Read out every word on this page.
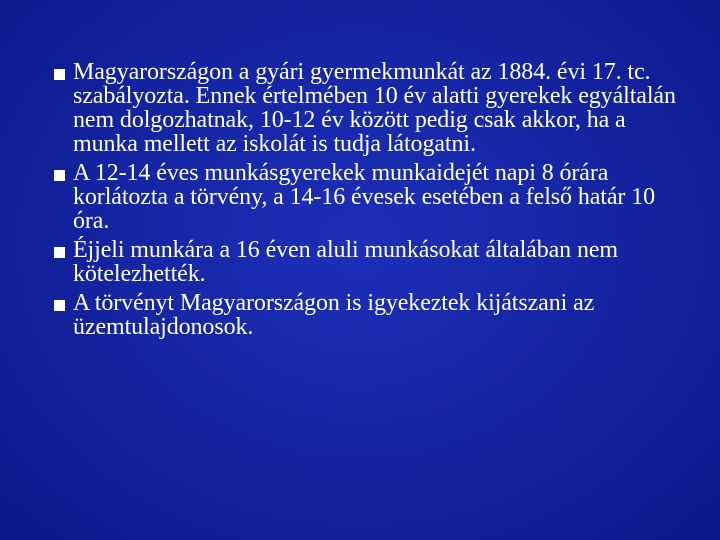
Magyarországon a gyári gyermekmunkát az 1884. évi 17. tc. szabályozta. Ennek értelmében 10 év alatti gyerekek egyáltalán nem dolgozhatnak, 10-12 év között pedig csak akkor, ha a munka mellett az iskolát is tudja látogatni.
A 12-14 éves munkásgyerekek munkaidejét napi 8 órára korlátozta a törvény, a 14-16 évesek esetében a felső határ 10 óra.
Éjjeli munkára a 16 éven aluli munkásokat általában nem kötelezhették.
A törvényt Magyarországon is igyekeztek kijátszani az üzemtulajdonosok.
